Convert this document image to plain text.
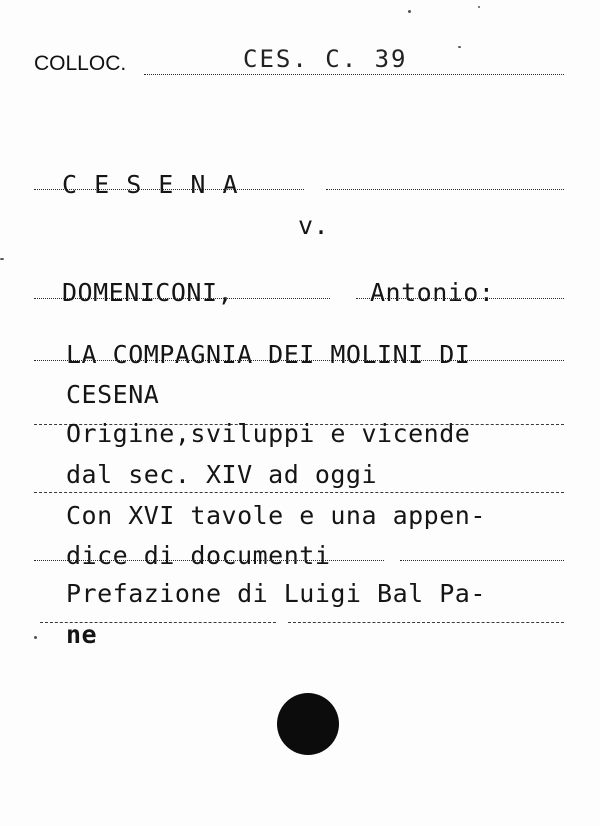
COLLOC.	CES. C. 39
C E S E N A
v.
DOMENICONI,	Antonio:
LA COMPAGNIA DEI MOLINI DI
CESENA
Origine,sviluppi e vicende
dal sec. XIV ad oggi
Con XVI tavole e una appen-
dice di documenti
Prefazione di Luigi Bal Pa-
ne
